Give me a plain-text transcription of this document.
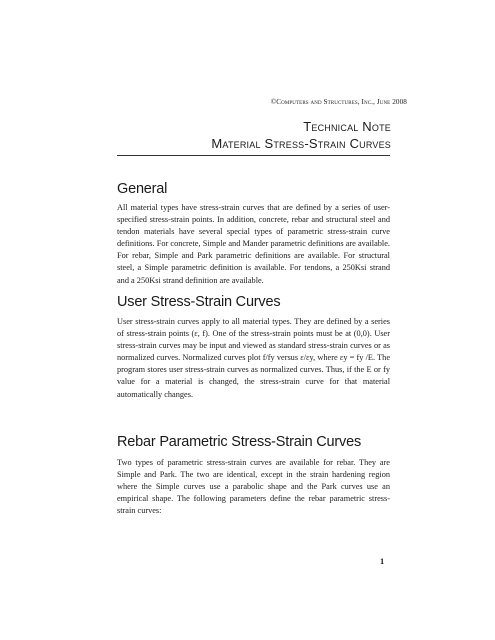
©Computers and Structures, Inc., June 2008
Technical Note
Material Stress-Strain Curves
General

All material types have stress-strain curves that are defined by a series of user-specified stress-strain points. In addition, concrete, rebar and structural steel and tendon materials have several special types of parametric stress-strain curve definitions. For concrete, Simple and Mander parametric definitions are available. For rebar, Simple and Park parametric definitions are available. For structural steel, a Simple parametric definition is available. For tendons, a 250Ksi strand and a 250Ksi strand definition are available.

User Stress-Strain Curves

User stress-strain curves apply to all material types. They are defined by a series of stress-strain points (ε, f). One of the stress-strain points must be at (0,0). User stress-strain curves may be input and viewed as standard stress-strain curves or as normalized curves. Normalized curves plot f/fy versus ε/εy, where εy = fy /E. The program stores user stress-strain curves as normalized curves. Thus, if the E or fy value for a material is changed, the stress-strain curve for that material automatically changes.

Rebar Parametric Stress-Strain Curves

Two types of parametric stress-strain curves are available for rebar. They are Simple and Park. The two are identical, except in the strain hardening region where the Simple curves use a parabolic shape and the Park curves use an empirical shape. The following parameters define the rebar parametric stress-strain curves:

1
